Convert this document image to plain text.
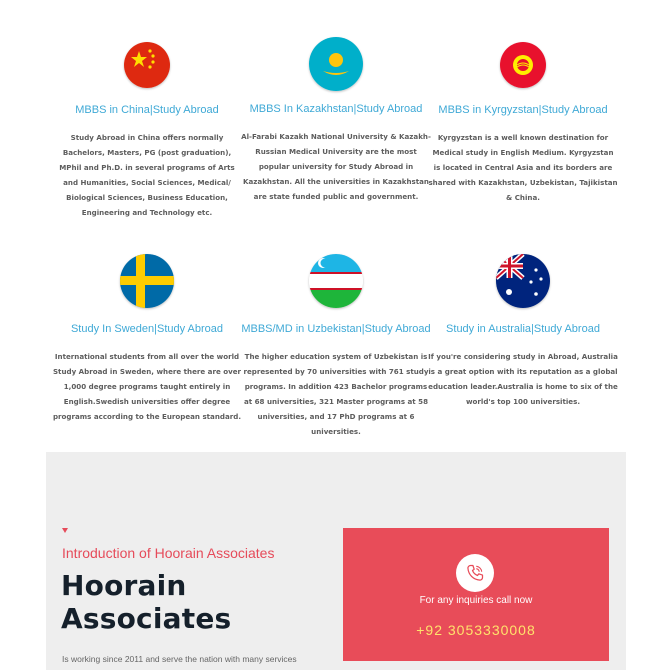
MBBS in China|Study Abroad

Study Abroad in China offers normally Bachelors, Masters, PG (post graduation), MPhil and Ph.D. in several programs of Arts and Humanities, Social Sciences, Medical/ Biological Sciences, Business Education, Engineering and Technology etc.

MBBS In Kazakhstan|Study Abroad

Al-Farabi Kazakh National University & Kazakh-Russian Medical University are the most popular university for Study Abroad in Kazakhstan. All the universities in Kazakhstan are state funded public and government.

MBBS in Kyrgyzstan|Study Abroad

Kyrgyzstan is a well known destination for Medical study in English Medium. Kyrgyzstan is located in Central Asia and its borders are shared with Kazakhstan, Uzbekistan, Tajikistan & China.

Study In Sweden|Study Abroad

International students from all over the world Study Abroad in Sweden, where there are over 1,000 degree programs taught entirely in English.Swedish universities offer degree programs according to the European standard.

MBBS/MD in Uzbekistan|Study Abroad

The higher education system of Uzbekistan is represented by 70 universities with 761 study programs. In addition 423 Bachelor programs at 68 universities, 321 Master programs at 58 universities, and 17 PhD programs at 6 universities.

Study in Australia|Study Abroad

If you're considering study in Abroad, Australia is a great option with its reputation as a global education leader.Australia is home to six of the world's top 100 universities.

Introduction of Hoorain Associates
Hoorain
Associates
Is working since 2011 and serve the nation with many services
For any inquiries call now
+92 3053330008
